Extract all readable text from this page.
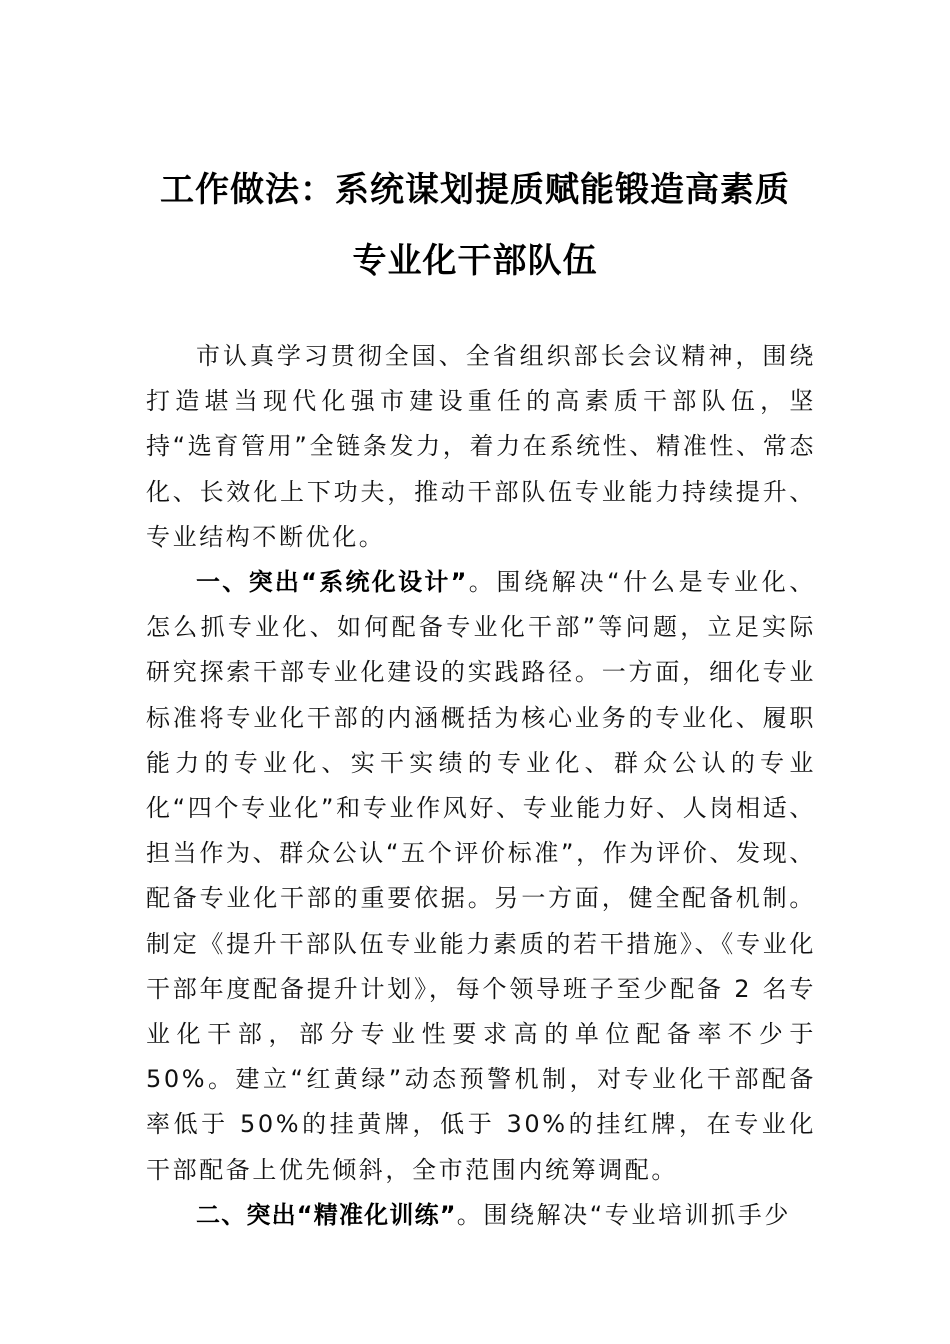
工作做法：系统谋划提质赋能锻造高素质
专业化干部队伍

市认真学习贯彻全国、全省组织部长会议精神，围绕打造堪当现代化强市建设重任的高素质干部队伍，坚持“选育管用”全链条发力，着力在系统性、精准性、常态化、长效化上下功夫，推动干部队伍专业能力持续提升、专业结构不断优化。

一、突出“系统化设计”。围绕解决“什么是专业化、怎么抓专业化、如何配备专业化干部”等问题，立足实际研究探索干部专业化建设的实践路径。一方面，细化专业标准将专业化干部的内涵概括为核心业务的专业化、履职能力的专业化、实干实绩的专业化、群众公认的专业化“四个专业化”和专业作风好、专业能力好、人岗相适、担当作为、群众公认“五个评价标准”，作为评价、发现、配备专业化干部的重要依据。另一方面，健全配备机制。制定《提升干部队伍专业能力素质的若干措施》、《专业化干部年度配备提升计划》，每个领导班子至少配备 2 名专业化干部，部分专业性要求高的单位配备率不少于 50%。建立“红黄绿”动态预警机制，对专业化干部配备率低于 50%的挂黄牌，低于 30%的挂红牌，在专业化干部配备上优先倾斜，全市范围内统筹调配。

二、突出“精准化训练”。围绕解决“专业培训抓手少
